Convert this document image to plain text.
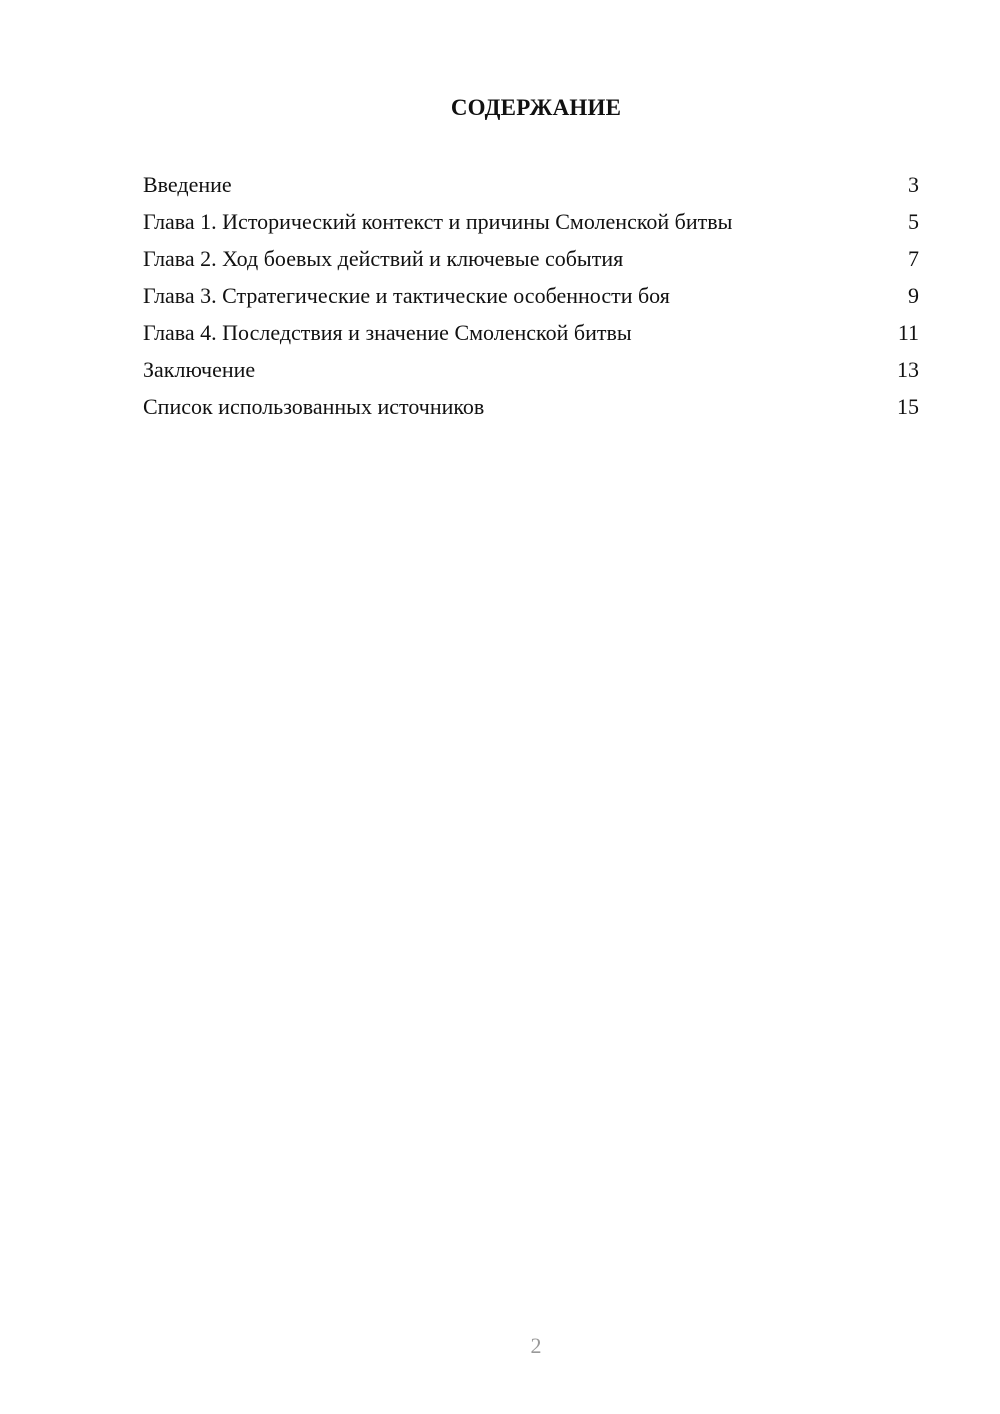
СОДЕРЖАНИЕ
Введение	3
Глава 1. Исторический контекст и причины Смоленской битвы	5
Глава 2. Ход боевых действий и ключевые события	7
Глава 3. Стратегические и тактические особенности боя	9
Глава 4. Последствия и значение Смоленской битвы	11
Заключение	13
Список использованных источников	15
2
